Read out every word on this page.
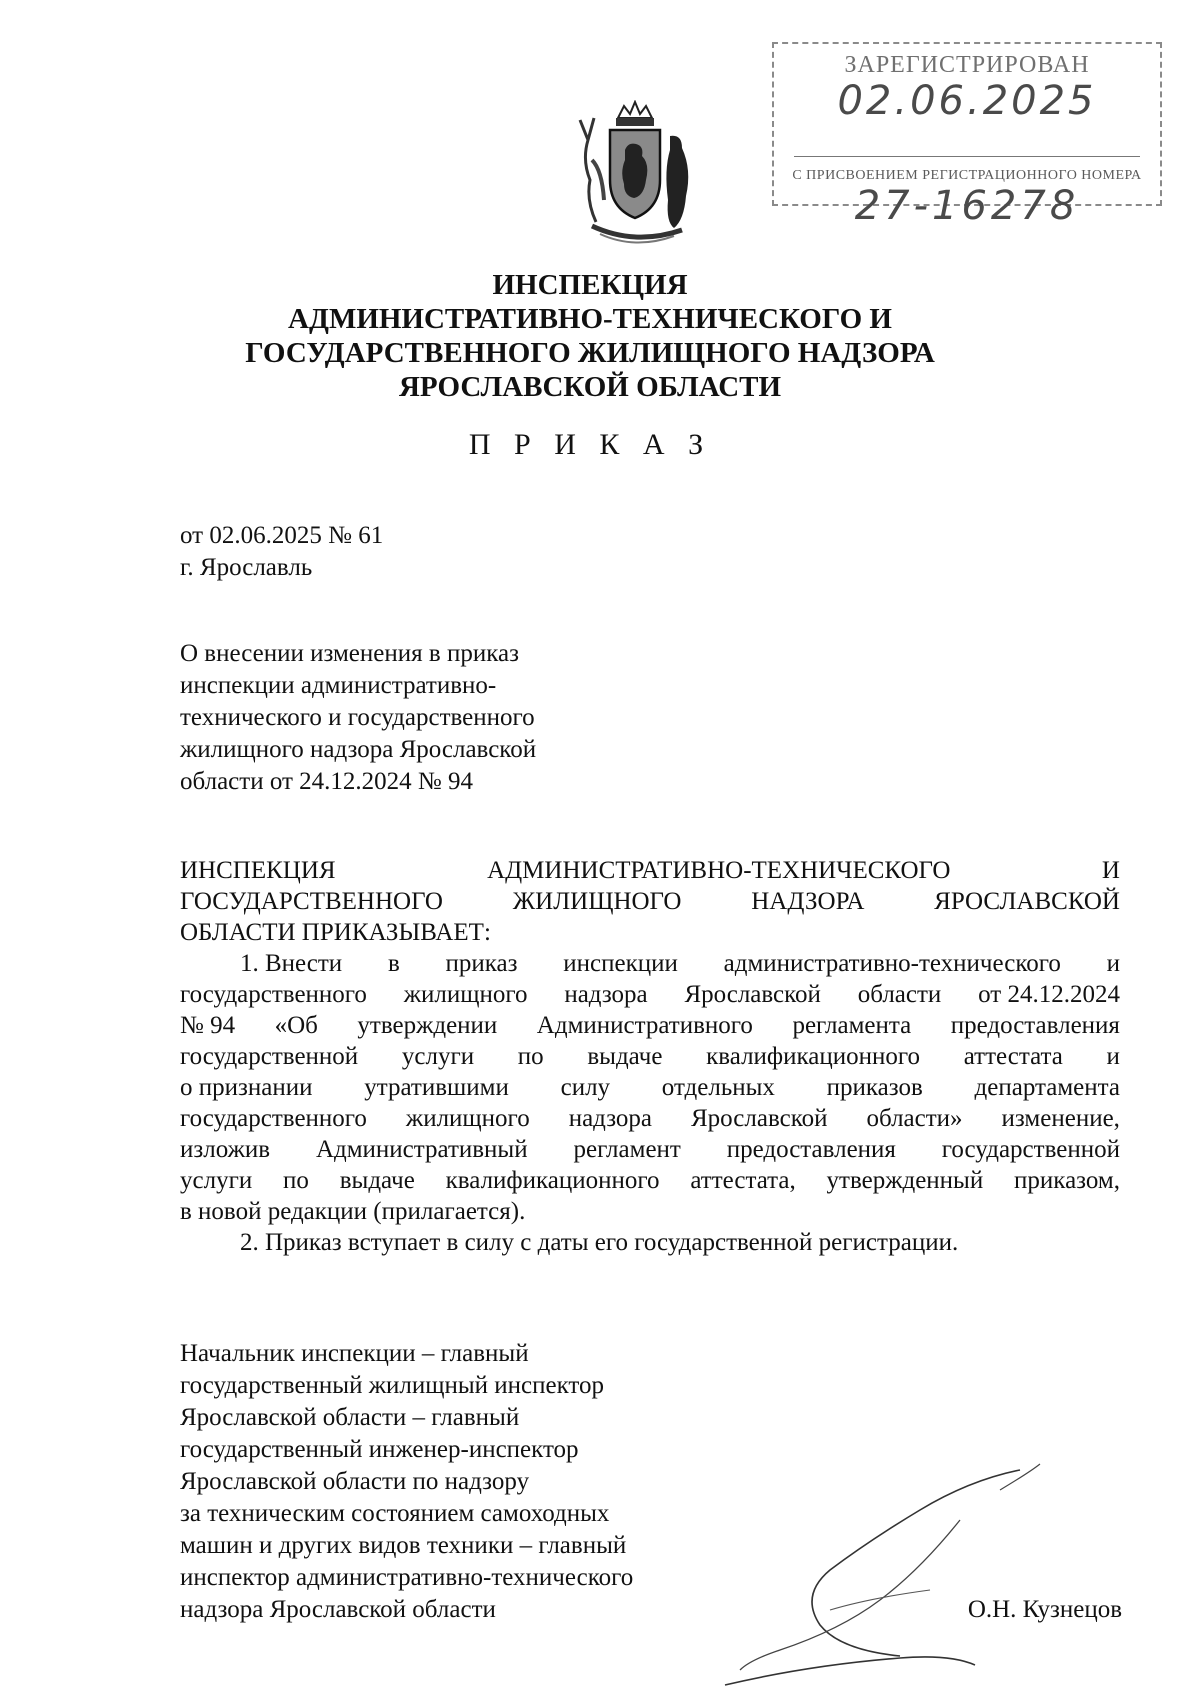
ЗАРЕГИСТРИРОВАН
02.06.2025
С ПРИСВОЕНИЕМ РЕГИСТРАЦИОННОГО НОМЕРА
27-16278
ИНСПЕКЦИЯ
АДМИНИСТРАТИВНО-ТЕХНИЧЕСКОГО И
ГОСУДАРСТВЕННОГО ЖИЛИЩНОГО НАДЗОРА
ЯРОСЛАВСКОЙ ОБЛАСТИ
П Р И К А З
от 02.06.2025 № 61
г. Ярославль
О внесении изменения в приказ
инспекции административно-
технического и государственного
жилищного надзора Ярославской
области от 24.12.2024 № 94
ИНСПЕКЦИЯ	АДМИНИСТРАТИВНО-ТЕХНИЧЕСКОГО	И
ГОСУДАРСТВЕННОГО	ЖИЛИЩНОГО	НАДЗОРА	ЯРОСЛАВСКОЙ
ОБЛАСТИ ПРИКАЗЫВАЕТ:
1. Внести в приказ инспекции административно-технического и
государственного жилищного надзора Ярославской области от 24.12.2024
№ 94 «Об утверждении Административного регламента предоставления
государственной услуги по выдаче квалификационного аттестата и
о признании утратившими силу отдельных приказов департамента
государственного жилищного надзора Ярославской области» изменение,
изложив Административный регламент предоставления государственной
услуги по выдаче квалификационного аттестата, утвержденный приказом,
в новой редакции (прилагается).
2. Приказ вступает в силу с даты его государственной регистрации.
Начальник инспекции – главный
государственный жилищный инспектор
Ярославской области – главный
государственный инженер-инспектор
Ярославской области по надзору
за техническим состоянием самоходных
машин и других видов техники – главный
инспектор административно-технического
надзора Ярославской области	О.Н. Кузнецов
